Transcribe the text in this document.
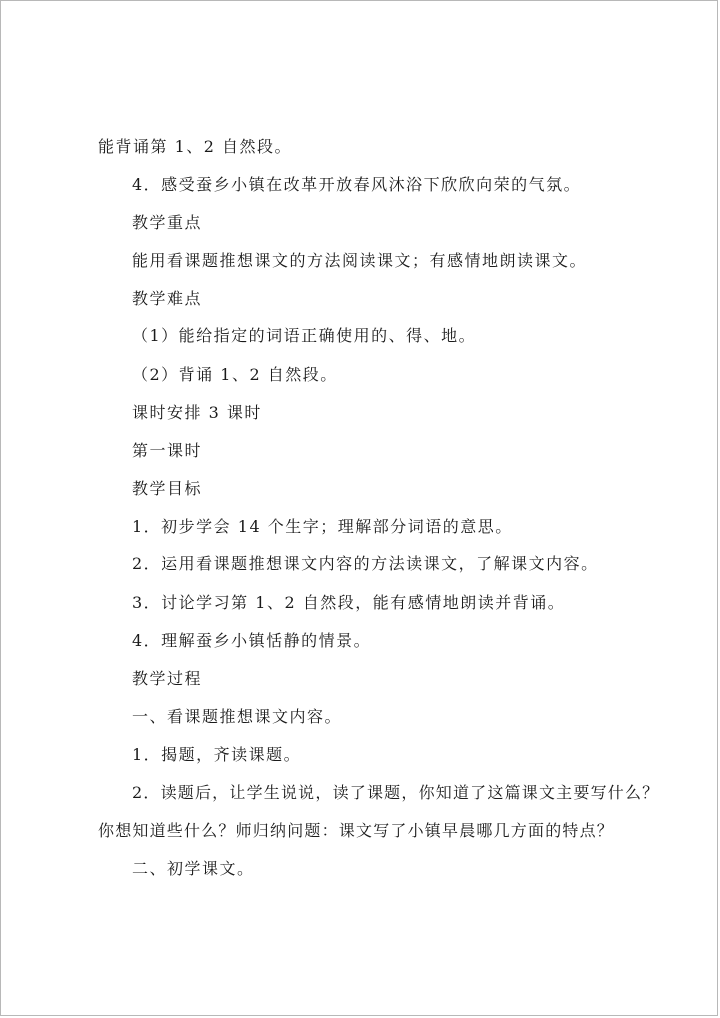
能背诵第 1、2 自然段。
4．感受蚕乡小镇在改革开放春风沐浴下欣欣向荣的气氛。
教学重点
能用看课题推想课文的方法阅读课文；有感情地朗读课文。
教学难点
（1）能给指定的词语正确使用的、得、地。
（2）背诵 1、2 自然段。
课时安排 3 课时
第一课时
教学目标
1．初步学会 14 个生字；理解部分词语的意思。
2．运用看课题推想课文内容的方法读课文，了解课文内容。
3．讨论学习第 1、2 自然段，能有感情地朗读并背诵。
4．理解蚕乡小镇恬静的情景。
教学过程
一、看课题推想课文内容。
1．揭题，齐读课题。
2．读题后，让学生说说，读了课题，你知道了这篇课文主要写什么？
你想知道些什么？师归纳问题：课文写了小镇早晨哪几方面的特点？
二、初学课文。
